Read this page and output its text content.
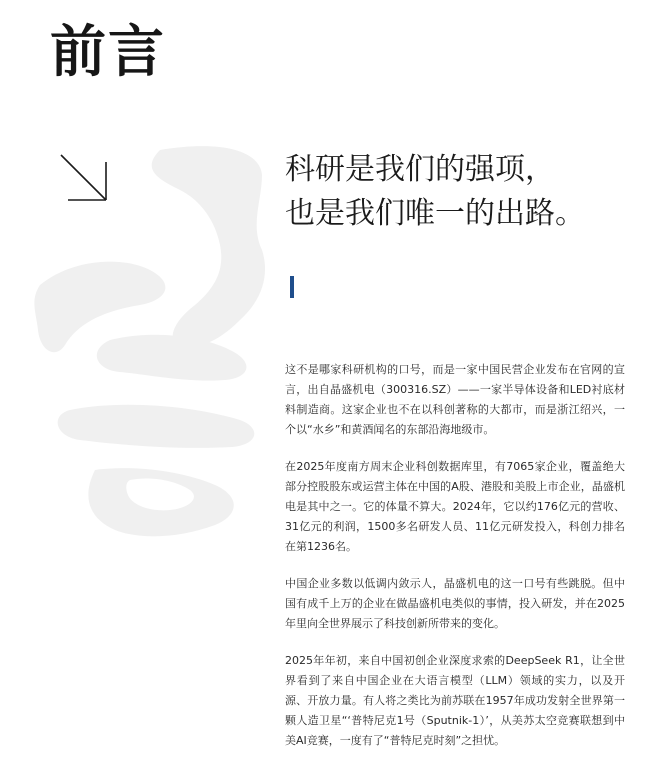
前言
科研是我们的强项，
也是我们唯一的出路。

这不是哪家科研机构的口号，而是一家中国民营企业发布在官网的宣言，出自晶盛机电（300316.SZ）——一家半导体设备和LED衬底材料制造商。这家企业也不在以科创著称的大都市，而是浙江绍兴，一个以“水乡”和黄酒闻名的东部沿海地级市。

在2025年度南方周末企业科创数据库里，有7065家企业，覆盖绝大部分控股股东或运营主体在中国的A股、港股和美股上市企业，晶盛机电是其中之一。它的体量不算大。2024年，它以约176亿元的营收、31亿元的利润，1500多名研发人员、11亿元研发投入，科创力排名在第1236名。

中国企业多数以低调内敛示人，晶盛机电的这一口号有些跳脱。但中国有成千上万的企业在做晶盛机电类似的事情，投入研发，并在2025年里向全世界展示了科技创新所带来的变化。

2025年年初，来自中国初创企业深度求索的DeepSeek R1，让全世界看到了来自中国企业在大语言模型（LLM）领域的实力，以及开源、开放力量。有人将之类比为前苏联在1957年成功发射全世界第一颗人造卫星“‘普特尼克1号（Sputnik-1）’，从美苏太空竞赛联想到中美AI竞赛，一度有了“普特尼克时刻”之担忧。
